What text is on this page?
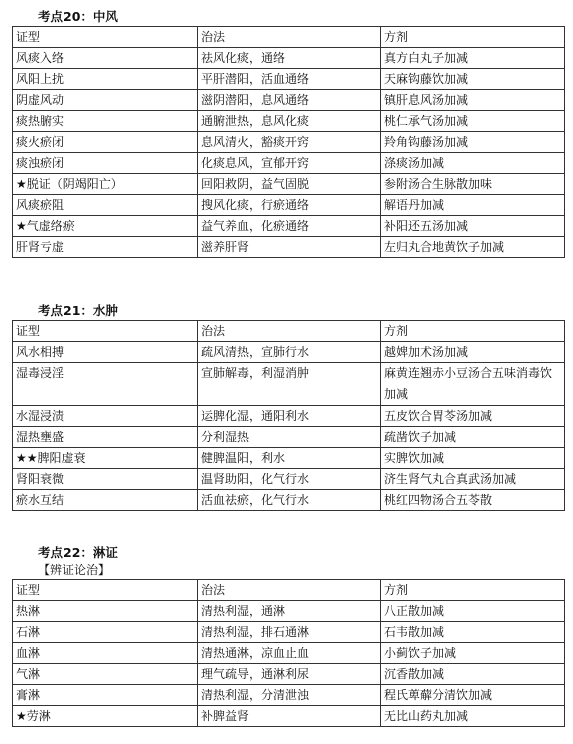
考点20：中风
证型	治法	方剂
风痰入络	祛风化痰，通络	真方白丸子加减
风阳上扰	平肝潜阳，活血通络	天麻钩藤饮加减
阴虚风动	滋阴潜阳，息风通络	镇肝息风汤加减
痰热腑实	通腑泄热，息风化痰	桃仁承气汤加减
痰火瘀闭	息风清火，豁痰开窍	羚角钩藤汤加减
痰浊瘀闭	化痰息风，宣郁开窍	涤痰汤加减
★脱证（阴竭阳亡）	回阳救阴，益气固脱	参附汤合生脉散加味
风痰瘀阻	搜风化痰，行瘀通络	解语丹加减
★气虚络瘀	益气养血，化瘀通络	补阳还五汤加减
肝肾亏虚	滋养肝肾	左归丸合地黄饮子加减
考点21：水肿
证型	治法	方剂
风水相搏	疏风清热，宣肺行水	越婢加术汤加减
湿毒浸淫	宣肺解毒，利湿消肿	麻黄连翘赤小豆汤合五味消毒饮加减
水湿浸渍	运脾化湿，通阳利水	五皮饮合胃苓汤加减
湿热壅盛	分利湿热	疏凿饮子加减
★★脾阳虚衰	健脾温阳，利水	实脾饮加减
肾阳衰微	温肾助阳，化气行水	济生肾气丸合真武汤加减
瘀水互结	活血祛瘀，化气行水	桃红四物汤合五苓散
考点22：淋证
【辨证论治】
证型	治法	方剂
热淋	清热利湿，通淋	八正散加减
石淋	清热利湿，排石通淋	石韦散加减
血淋	清热通淋，凉血止血	小蓟饮子加减
气淋	理气疏导，通淋利尿	沉香散加减
膏淋	清热利湿，分清泄浊	程氏萆薢分清饮加减
★劳淋	补脾益肾	无比山药丸加减
